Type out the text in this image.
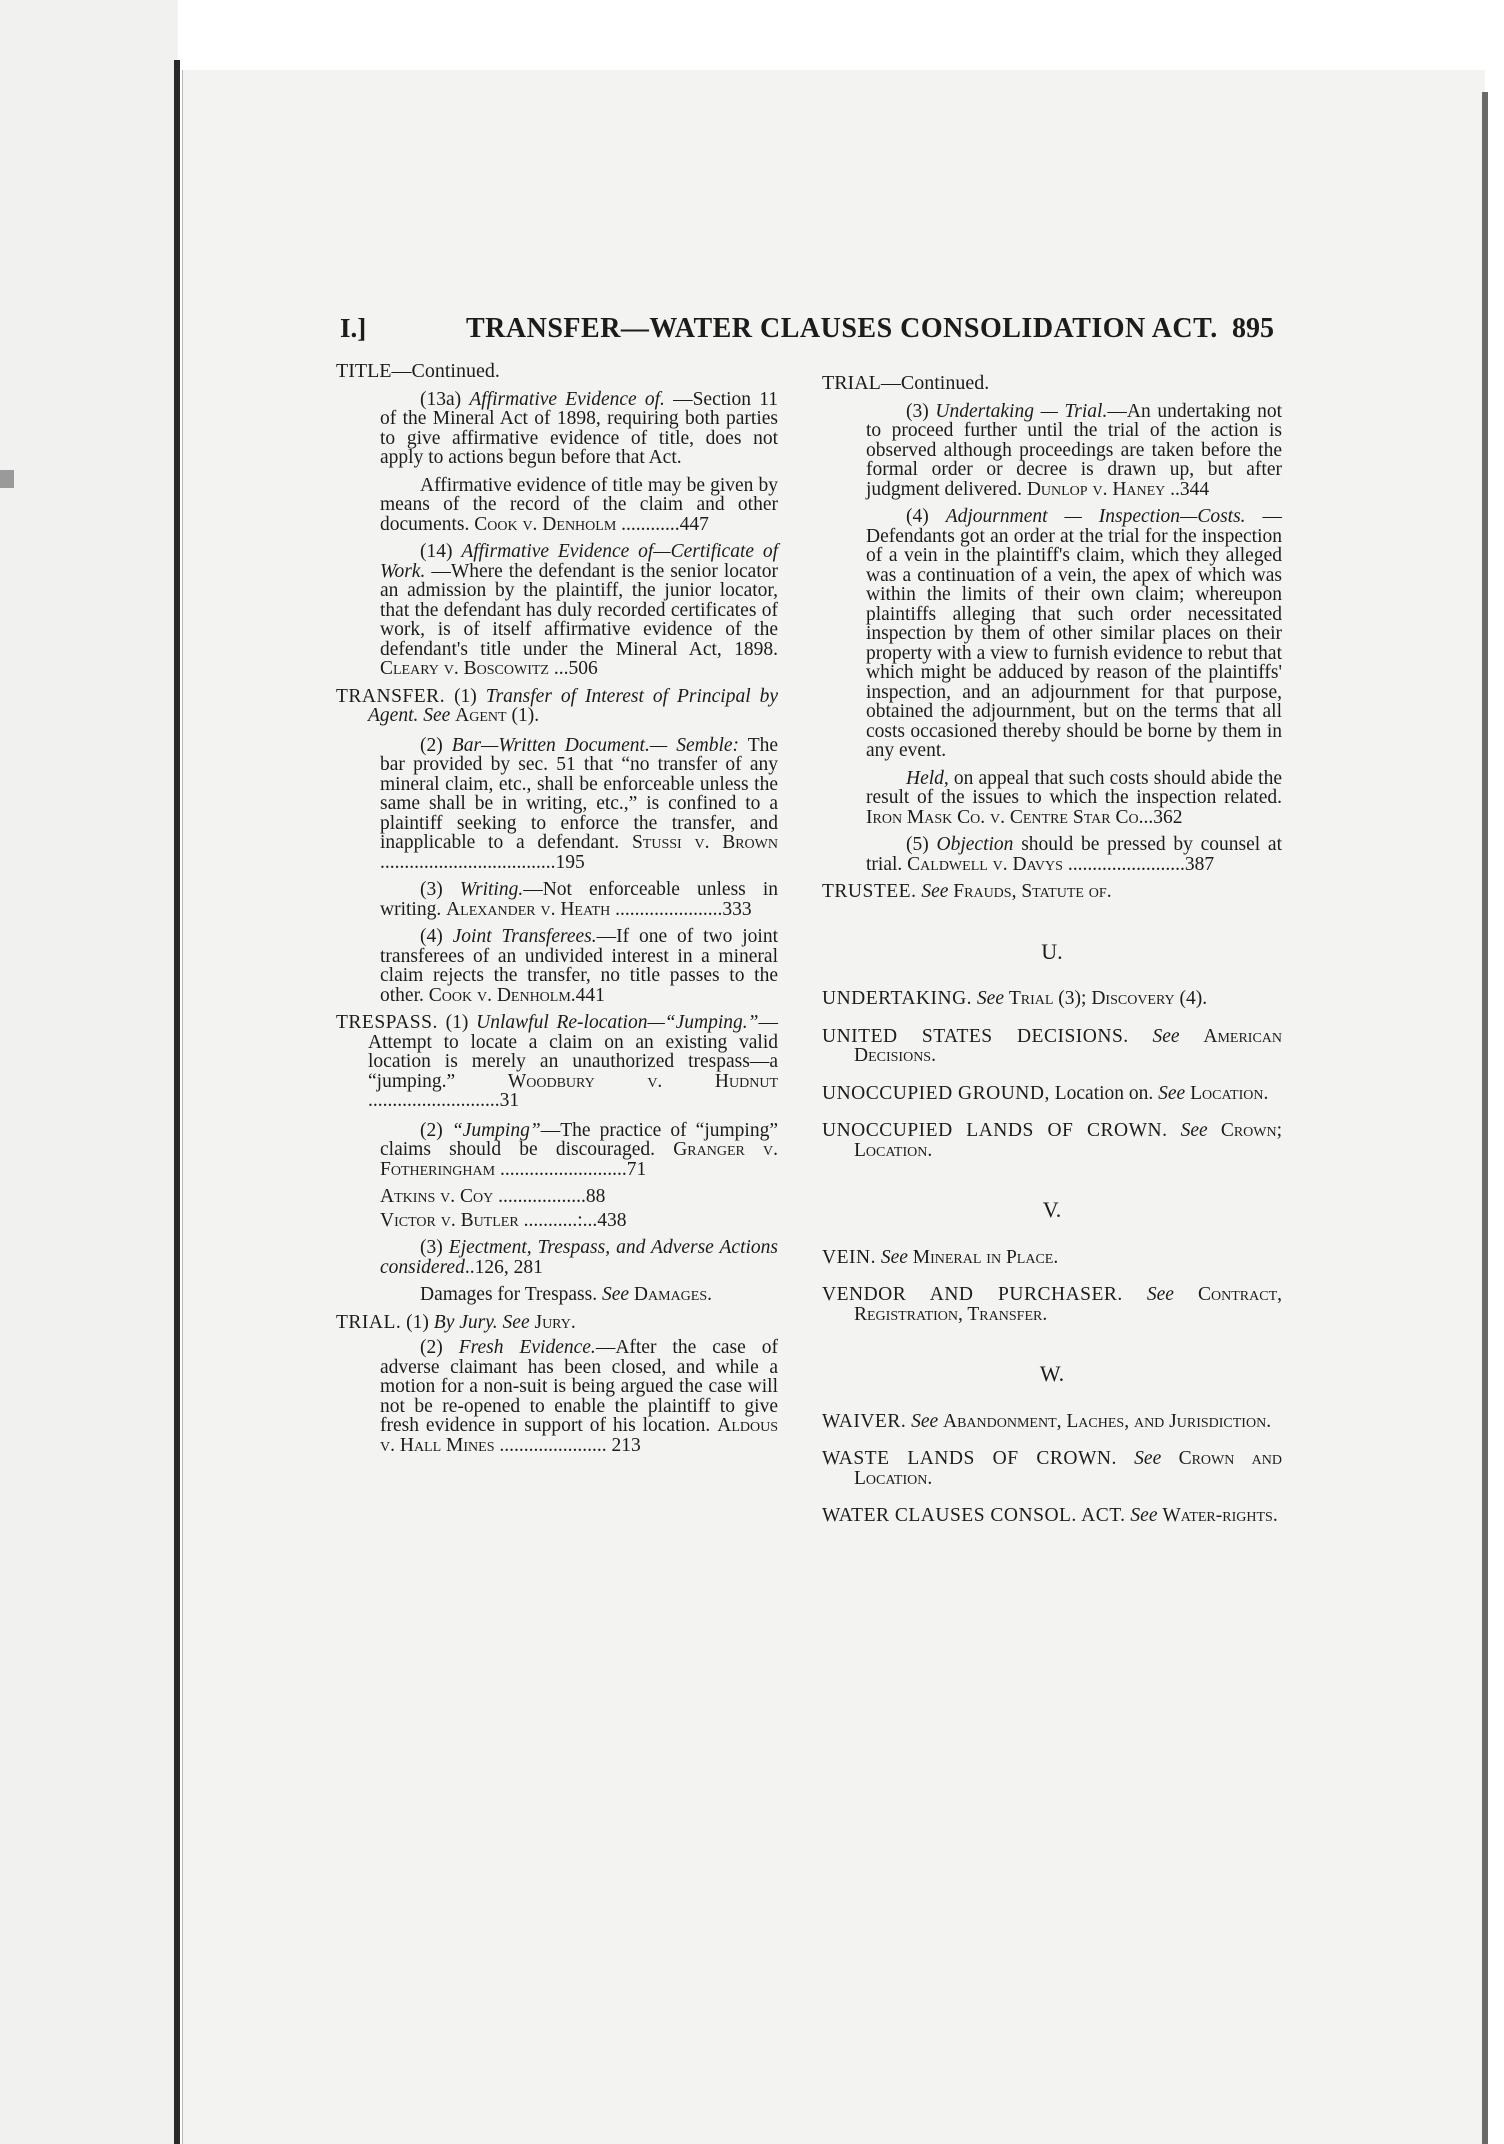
I.]	TRANSFER—WATER CLAUSES CONSOLIDATION ACT. 895
TITLE—Continued.
(13a) Affirmative Evidence of. —Section 11 of the Mineral Act of 1898, requiring both parties to give affirmative evidence of title, does not apply to actions begun before that Act.
Affirmative evidence of title may be given by means of the record of the claim and other documents. Cook v. Denholm ............447
(14) Affirmative Evidence of—Certificate of Work. —Where the defendant is the senior locator an admission by the plaintiff, the junior locator, that the defendant has duly recorded certificates of work, is of itself affirmative evidence of the defendant's title under the Mineral Act, 1898. Cleary v. Boscowitz ...506
TRANSFER. (1) Transfer of Interest of Principal by Agent. See Agent (1).
(2) Bar—Written Document.— Semble: The bar provided by sec. 51 that “no transfer of any mineral claim, etc., shall be enforceable unless the same shall be in writing, etc.,” is confined to a plaintiff seeking to enforce the transfer, and inapplicable to a defendant. Stussi v. Brown ....................................195
(3) Writing.—Not enforceable unless in writing. Alexander v. Heath ......................333
(4) Joint Transferees.—If one of two joint transferees of an undivided interest in a mineral claim rejects the transfer, no title passes to the other. Cook v. Denholm.441
TRESPASS. (1) Unlawful Re-location—“Jumping.”—Attempt to locate a claim on an existing valid location is merely an unauthorized trespass—a “jumping.”	Woodbury v. Hudnut ...........................31
(2) “Jumping”—The practice of “jumping” claims should be discouraged. Granger v. Fotheringham ..........................71
Atkins v. Coy ..................88
Victor v. Butler ...........:...438
(3) Ejectment, Trespass, and Adverse Actions considered..126, 281
Damages for Trespass. See Damages.
TRIAL. (1) By Jury. See Jury.
(2) Fresh Evidence.—After the case of adverse claimant has been closed, and while a motion for a non-suit is being argued the case will not be re-opened to enable the plaintiff to give fresh evidence in support of his location. Aldous v. Hall Mines ...................... 213
TRIAL—Continued.
(3) Undertaking — Trial.—An undertaking not to proceed further until the trial of the action is observed although proceedings are taken before the formal order or decree is drawn up, but after judgment delivered. Dunlop v. Haney ..344
(4) Adjournment — Inspection—Costs. — Defendants got an order at the trial for the inspection of a vein in the plaintiff's claim, which they alleged was a continuation of a vein, the apex of which was within the limits of their own claim; whereupon plaintiffs alleging that such order necessitated inspection by them of other similar places on their property with a view to furnish evidence to rebut that which might be adduced by reason of the plaintiffs' inspection, and an adjournment for that purpose, obtained the adjournment, but on the terms that all costs occasioned thereby should be borne by them in any event.
Held, on appeal that such costs should abide the result of the issues to which the inspection related. Iron Mask Co. v. Centre Star Co...362
(5) Objection should be pressed by counsel at trial. Caldwell v. Davys ........................387
TRUSTEE. See Frauds, Statute of.
U.
UNDERTAKING. See Trial (3); Discovery (4).
UNITED STATES DECISIONS. See American Decisions.
UNOCCUPIED GROUND, Location on. See Location.
UNOCCUPIED LANDS OF CROWN. See Crown; Location.
V.
VEIN. See Mineral in Place.
VENDOR AND PURCHASER. See Contract, Registration, Transfer.
W.
WAIVER. See Abandonment, Laches, and Jurisdiction.
WASTE LANDS OF CROWN. See Crown and Location.
WATER CLAUSES CONSOL. ACT. See Water-rights.
